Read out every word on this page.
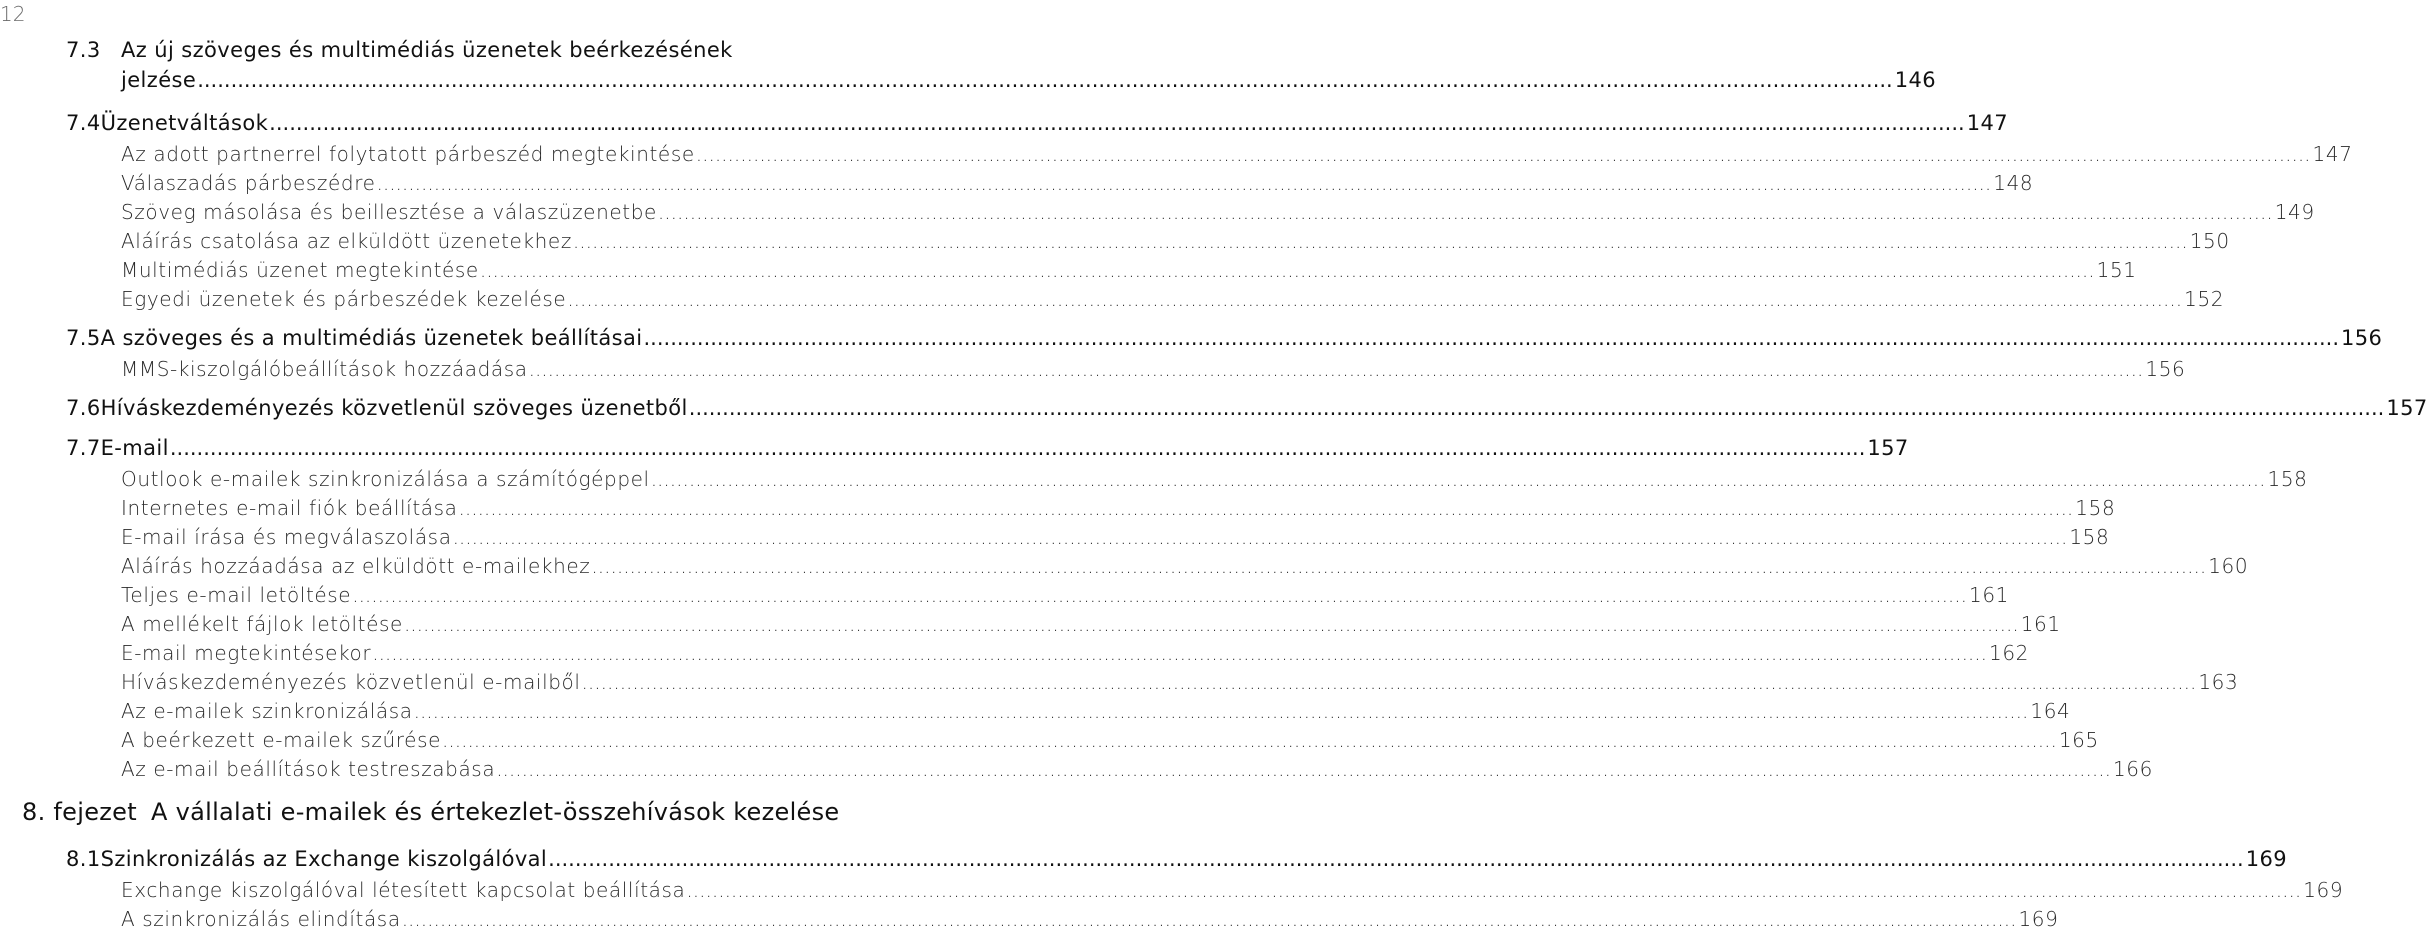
12
7.3 Az új szöveges és multimédiás üzenetek beérkezésének
jelzése .....	146
7.4 Üzenetváltások .....	147
Az adott partnerrel folytatott párbeszéd megtekintése .....	147
Válaszadás párbeszédre .....	148
Szöveg másolása és beillesztése a válaszüzenetbe .....	149
Aláírás csatolása az elküldött üzenetekhez .....	150
Multimédiás üzenet megtekintése .....	151
Egyedi üzenetek és párbeszédek kezelése .....	152
7.5 A szöveges és a multimédiás üzenetek beállításai .....	156
MMS-kiszolgálóbeállítások hozzáadása .....	156
7.6 Híváskezdeményezés közvetlenül szöveges üzenetből .....	157
7.7 E-mail .....	157
Outlook e-mailek szinkronizálása a számítógéppel .....	158
Internetes e-mail fiók beállítása .....	158
E-mail írása és megválaszolása .....	158
Aláírás hozzáadása az elküldött e-mailekhez .....	160
Teljes e-mail letöltése .....	161
A mellékelt fájlok letöltése .....	161
E-mail megtekintésekor .....	162
Híváskezdeményezés közvetlenül e-mailből .....	163
Az e-mailek szinkronizálása .....	164
A beérkezett e-mailek szűrése .....	165
Az e-mail beállítások testreszabása .....	166
8. fejezet A vállalati e-mailek és értekezlet-összehívások kezelése
8.1 Szinkronizálás az Exchange kiszolgálóval .....	169
Exchange kiszolgálóval létesített kapcsolat beállítása .....	169
A szinkronizálás elindítása .....	169
